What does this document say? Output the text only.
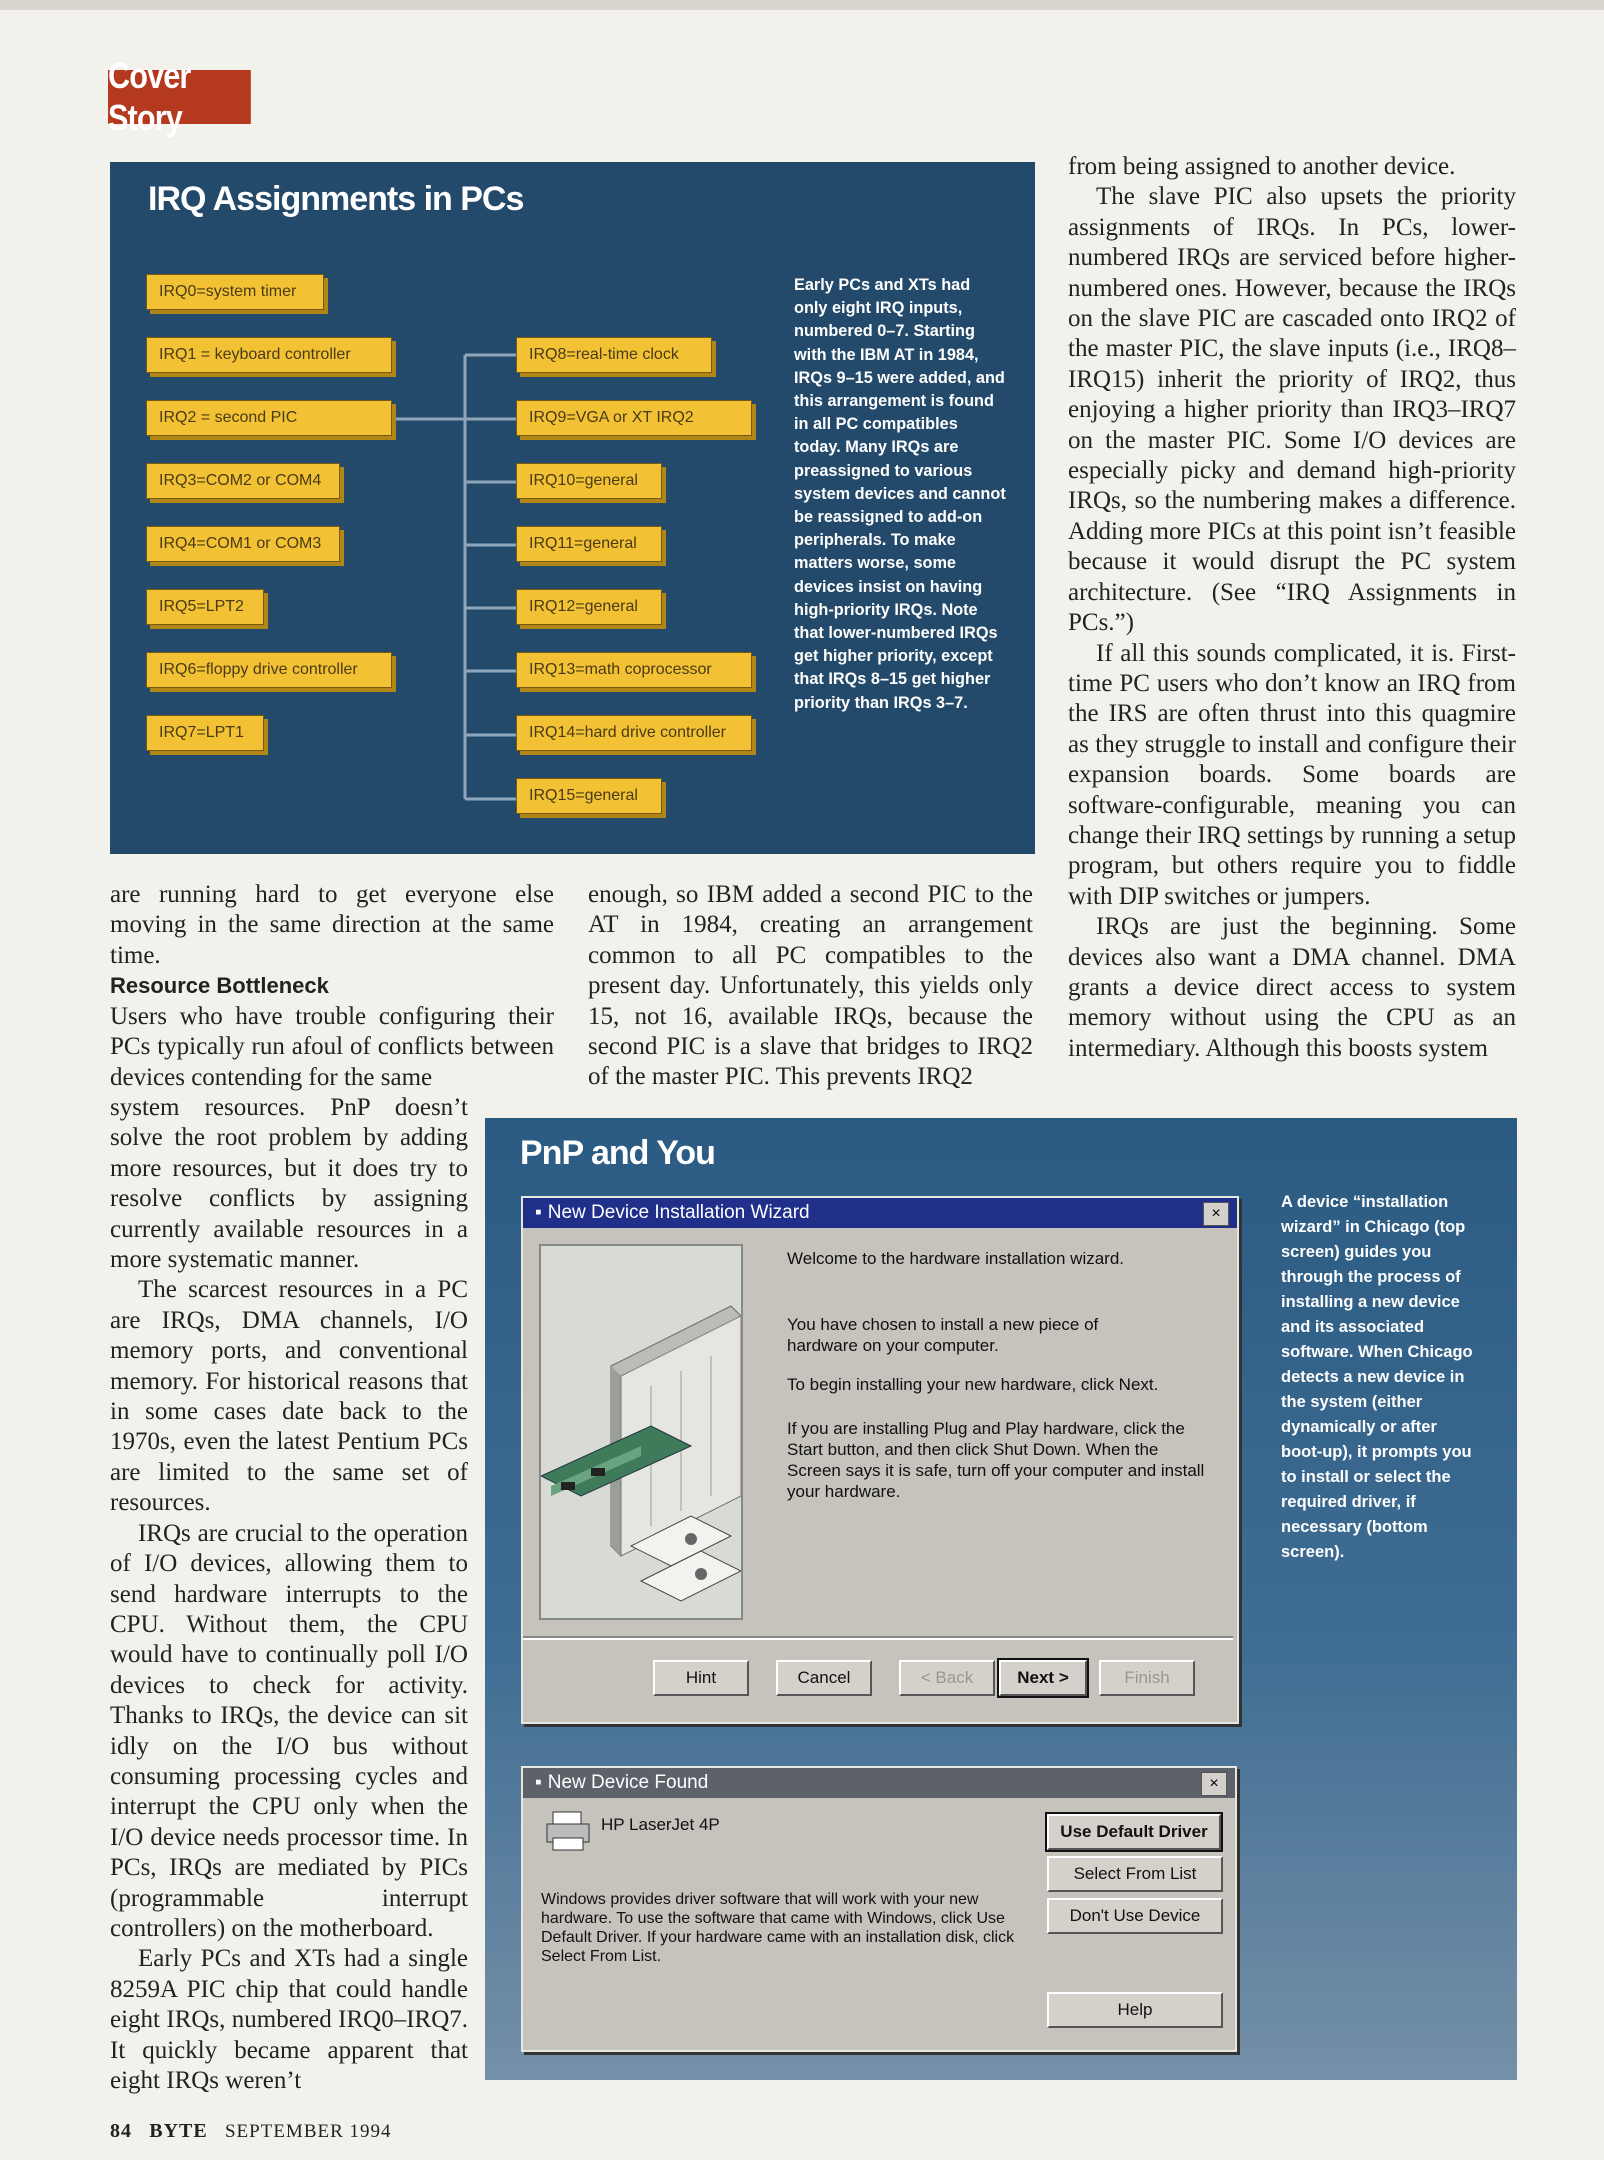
Cover Story
IRQ Assignments in PCs
IRQ0=system timer
IRQ1 = keyboard controller
IRQ2 = second PIC
IRQ3=COM2 or COM4
IRQ4=COM1 or COM3
IRQ5=LPT2
IRQ6=floppy drive controller
IRQ7=LPT1
IRQ8=real-time clock
IRQ9=VGA or XT IRQ2
IRQ10=general
IRQ11=general
IRQ12=general
IRQ13=math coprocessor
IRQ14=hard drive controller
IRQ15=general
Early PCs and XTs had only eight IRQ inputs, numbered 0–7. Starting with the IBM AT in 1984, IRQs 9–15 were added, and this arrangement is found in all PC compatibles today. Many IRQs are preassigned to various system devices and cannot be reassigned to add-on peripherals. To make matters worse, some devices insist on having high-priority IRQs. Note that lower-numbered IRQs get higher priority, except that IRQs 8–15 get higher priority than IRQs 3–7.

are running hard to get everyone else moving in the same direction at the same time.

Resource Bottleneck

Users who have trouble configuring their PCs typically run afoul of conflicts between devices contending for the same

system resources. PnP doesn’t solve the root problem by adding more resources, but it does try to resolve conflicts by assigning currently available resources in a more systematic manner.

The scarcest resources in a PC are IRQs, DMA channels, I/O memory ports, and conventional memory. For historical reasons that in some cases date back to the 1970s, even the latest Pentium PCs are limited to the same set of resources.

IRQs are crucial to the operation of I/O devices, allowing them to send hardware interrupts to the CPU. Without them, the CPU would have to continually poll I/O devices to check for activity. Thanks to IRQs, the device can sit idly on the I/O bus without consuming processing cycles and interrupt the CPU only when the I/O device needs processor time. In PCs, IRQs are mediated by PICs (programmable interrupt controllers) on the motherboard.

Early PCs and XTs had a single 8259A PIC chip that could handle eight IRQs, numbered IRQ0–IRQ7. It quickly became apparent that eight IRQs weren’t

enough, so IBM added a second PIC to the AT in 1984, creating an arrangement common to all PC compatibles to the present day. Unfortunately, this yields only 15, not 16, available IRQs, because the second PIC is a slave that bridges to IRQ2 of the master PIC. This prevents IRQ2

from being assigned to another device.

The slave PIC also upsets the priority assignments of IRQs. In PCs, lower-numbered IRQs are serviced before higher-numbered ones. However, because the IRQs on the slave PIC are cascaded onto IRQ2 of the master PIC, the slave inputs (i.e., IRQ8–IRQ15) inherit the priority of IRQ2, thus enjoying a higher priority than IRQ3–IRQ7 on the master PIC. Some I/O devices are especially picky and demand high-priority IRQs, so the numbering makes a difference. Adding more PICs at this point isn’t feasible because it would disrupt the PC system architecture. (See “IRQ Assignments in PCs.”)

If all this sounds complicated, it is. First-time PC users who don’t know an IRQ from the IRS are often thrust into this quagmire as they struggle to install and configure their expansion boards. Some boards are software-configurable, meaning you can change their IRQ settings by running a setup program, but others require you to fiddle with DIP switches or jumpers.

IRQs are just the beginning. Some devices also want a DMA channel. DMA grants a device direct access to system memory without using the CPU as an intermediary. Although this boosts system

PnP and You
▪ New Device Installation Wizard	×
Welcome to the hardware installation wizard.
You have chosen to install a new piece of hardware on your computer.
To begin installing your new hardware, click Next.
If you are installing Plug and Play hardware, click the Start button, and then click Shut Down. When the Screen says it is safe, turn off your computer and install your hardware.
Hint	Cancel	< Back	Next >	Finish
▪ New Device Found	×
HP LaserJet 4P
Windows provides driver software that will work with your new hardware. To use the software that came with Windows, click Use Default Driver. If your hardware came with an installation disk, click Select From List.
Use Default Driver
Select From List
Don't Use Device
Help
A device “installation wizard” in Chicago (top screen) guides you through the process of installing a new device and its associated software. When Chicago detects a new device in the system (either dynamically or after boot-up), it prompts you to install or select the required driver, if necessary (bottom screen).
84 BYTE SEPTEMBER 1994
